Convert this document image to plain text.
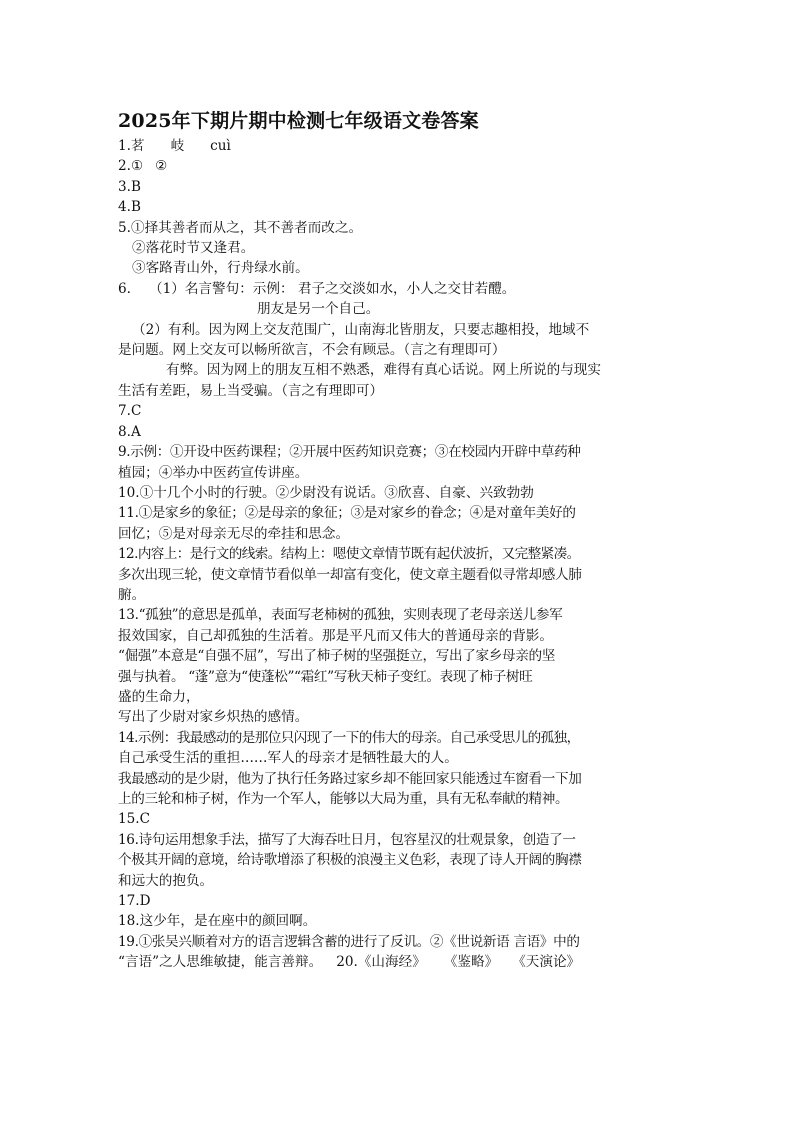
2025年下期片期中检测七年级语文卷答案
1.茗 岐 cuì
2.① ②
3.B
4.B
5.①择其善者而从之，其不善者而改之。
②落花时节又逢君。
③客路青山外，行舟绿水前。
6. （1）名言警句：示例： 君子之交淡如水，小人之交甘若醴。
朋友是另一个自己。
（2）有利。因为网上交友范围广，山南海北皆朋友，只要志趣相投，地域不
是问题。网上交友可以畅所欲言，不会有顾忌。（言之有理即可）
有弊。因为网上的朋友互相不熟悉，难得有真心话说。网上所说的与现实
生活有差距，易上当受骗。（言之有理即可）
7.C
8.A
9.示例：①开设中医药课程；②开展中医药知识竞赛；③在校园内开辟中草药种
植园；④举办中医药宣传讲座。
10.①十几个小时的行驶。②少尉没有说话。③欣喜、自豪、兴致勃勃
11.①是家乡的象征；②是母亲的象征；③是对家乡的眷念；④是对童年美好的
回忆；⑤是对母亲无尽的牵挂和思念。
12.内容上：是行文的线索。结构上：嗯使文章情节既有起伏波折，又完整紧凑。
多次出现三轮，使文章情节看似单一却富有变化，使文章主题看似寻常却感人肺
腑。
13.“孤独”的意思是孤单，表面写老柿树的孤独，实则表现了老母亲送儿参军
报效国家，自己却孤独的生活着。那是平凡而又伟大的普通母亲的背影。
“倔强”本意是“自强不屈”，写出了柿子树的坚强挺立，写出了家乡母亲的坚
强与执着。 “蓬”意为“使蓬松”“霜红”写秋天柿子变红。表现了柿子树旺
盛的生命力，
写出了少尉对家乡炽热的感情。
14.示例：我最感动的是那位只闪现了一下的伟大的母亲。自己承受思儿的孤独，
自己承受生活的重担……军人的母亲才是牺牲最大的人。
我最感动的是少尉，他为了执行任务路过家乡却不能回家只能透过车窗看一下加
上的三轮和柿子树，作为一个军人，能够以大局为重，具有无私奉献的精神。
15.C
16.诗句运用想象手法，描写了大海吞吐日月，包容星汉的壮观景象，创造了一
个极其开阔的意境，给诗歌增添了积极的浪漫主义色彩，表现了诗人开阔的胸襟
和远大的抱负。
17.D
18.这少年，是在座中的颜回啊。
19.①张吴兴顺着对方的语言逻辑含蓄的进行了反讥。②《世说新语 言语》中的
“言语”之人思维敏捷，能言善辩。 20.《山海经》 《鉴略》 《天演论》
